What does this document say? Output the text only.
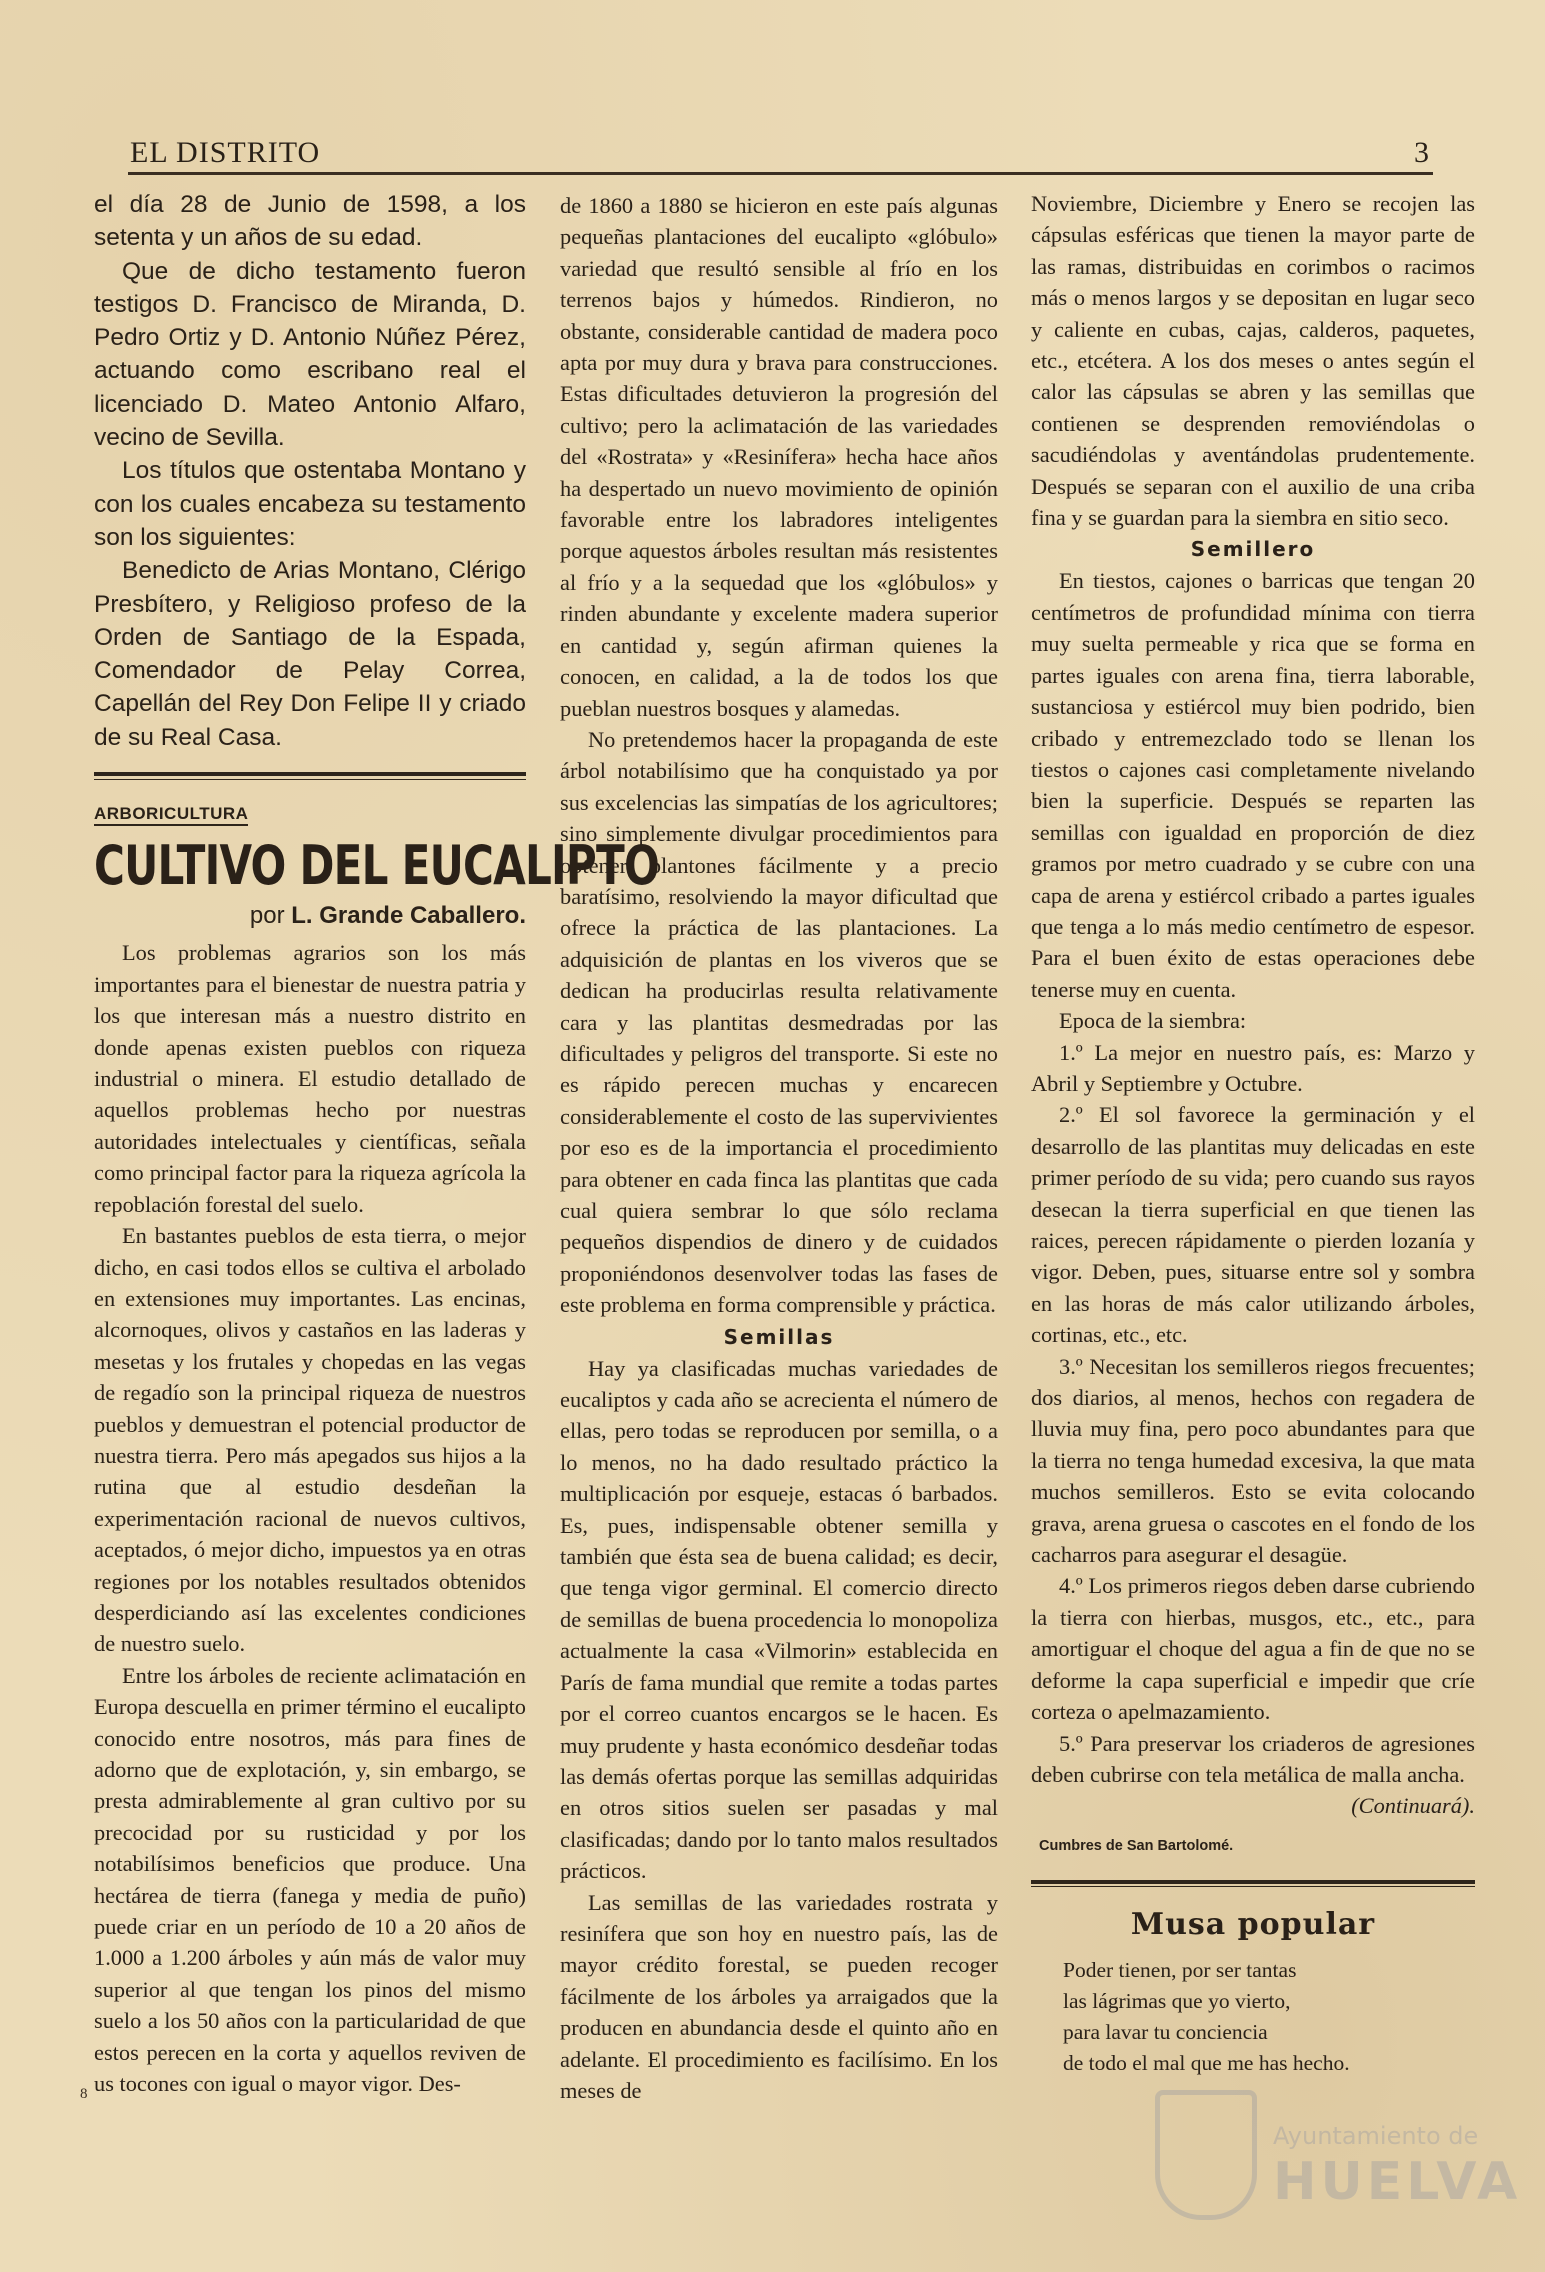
EL DISTRITO	3

el día 28 de Junio de 1598, a los setenta y un años de su edad.

Que de dicho testamento fueron testigos D. Francisco de Miranda, D. Pedro Ortiz y D. Antonio Núñez Pérez, actuando como escribano real el licenciado D. Mateo Antonio Alfaro, vecino de Sevilla.

Los títulos que ostentaba Montano y con los cuales encabeza su testamento son los siguientes:

Benedicto de Arias Montano, Clérigo Presbítero, y Religioso profeso de la Orden de Santiago de la Espada, Comendador de Pelay Correa, Capellán del Rey Don Felipe II y criado de su Real Casa.

ARBORICULTURA
CULTIVO DEL EUCALIPTO
por L. Grande Caballero.

Los problemas agrarios son los más importantes para el bienestar de nuestra patria y los que interesan más a nuestro distrito en donde apenas existen pueblos con riqueza industrial o minera. El estudio detallado de aquellos problemas hecho por nuestras autoridades intelectuales y científicas, señala como principal factor para la riqueza agrícola la repoblación forestal del suelo.

En bastantes pueblos de esta tierra, o mejor dicho, en casi todos ellos se cultiva el arbolado en extensiones muy importantes. Las encinas, alcornoques, olivos y castaños en las laderas y mesetas y los frutales y chopedas en las vegas de regadío son la principal riqueza de nuestros pueblos y demuestran el potencial productor de nuestra tierra. Pero más apegados sus hijos a la rutina que al estudio desdeñan la experimentación racional de nuevos cultivos, aceptados, ó mejor dicho, impuestos ya en otras regiones por los notables resultados obtenidos desperdiciando así las excelentes condiciones de nuestro suelo.

Entre los árboles de reciente aclimatación en Europa descuella en primer término el eucalipto conocido entre nosotros, más para fines de adorno que de explotación, y, sin embargo, se presta admirablemente al gran cultivo por su precocidad por su rusticidad y por los notabilísimos beneficios que produce. Una hectárea de tierra (fanega y media de puño) puede criar en un período de 10 a 20 años de 1.000 a 1.200 árboles y aún más de valor muy superior al que tengan los pinos del mismo suelo a los 50 años con la particularidad de que estos perecen en la corta y aquellos reviven de us tocones con igual o mayor vigor. Des-

de 1860 a 1880 se hicieron en este país algunas pequeñas plantaciones del eucalipto «glóbulo» variedad que resultó sensible al frío en los terrenos bajos y húmedos. Rindieron, no obstante, considerable cantidad de madera poco apta por muy dura y brava para construcciones. Estas dificultades detuvieron la progresión del cultivo; pero la aclimatación de las variedades del «Rostrata» y «Resinífera» hecha hace años ha despertado un nuevo movimiento de opinión favorable entre los labradores inteligentes porque aquestos árboles resultan más resistentes al frío y a la sequedad que los «glóbulos» y rinden abundante y excelente madera superior en cantidad y, según afirman quienes la conocen, en calidad, a la de todos los que pueblan nuestros bosques y alamedas.

No pretendemos hacer la propaganda de este árbol notabilísimo que ha conquistado ya por sus excelencias las simpatías de los agricultores; sino simplemente divulgar procedimientos para obtener plantones fácilmente y a precio baratísimo, resolviendo la mayor dificultad que ofrece la práctica de las plantaciones. La adquisición de plantas en los viveros que se dedican ha producirlas resulta relativamente cara y las plantitas desmedradas por las dificultades y peligros del transporte. Si este no es rápido perecen muchas y encarecen considerablemente el costo de las supervivientes por eso es de la importancia el procedimiento para obtener en cada finca las plantitas que cada cual quiera sembrar lo que sólo reclama pequeños dispendios de dinero y de cuidados proponiéndonos desenvolver todas las fases de este problema en forma comprensible y práctica.

Semillas

Hay ya clasificadas muchas variedades de eucaliptos y cada año se acrecienta el número de ellas, pero todas se reproducen por semilla, o a lo menos, no ha dado resultado práctico la multiplicación por esqueje, estacas ó barbados. Es, pues, indispensable obtener semilla y también que ésta sea de buena calidad; es decir, que tenga vigor germinal. El comercio directo de semillas de buena procedencia lo monopoliza actualmente la casa «Vilmorin» establecida en París de fama mundial que remite a todas partes por el correo cuantos encargos se le hacen. Es muy prudente y hasta económico desdeñar todas las demás ofertas porque las semillas adquiridas en otros sitios suelen ser pasadas y mal clasificadas; dando por lo tanto malos resultados prácticos.

Las semillas de las variedades rostrata y resinífera que son hoy en nuestro país, las de mayor crédito forestal, se pueden recoger fácilmente de los árboles ya arraigados que la producen en abundancia desde el quinto año en adelante. El procedimiento es facilísimo. En los meses de

Noviembre, Diciembre y Enero se recojen las cápsulas esféricas que tienen la mayor parte de las ramas, distribuidas en corimbos o racimos más o menos largos y se depositan en lugar seco y caliente en cubas, cajas, calderos, paquetes, etc., etcétera. A los dos meses o antes según el calor las cápsulas se abren y las semillas que contienen se desprenden removiéndolas o sacudiéndolas y aventándolas prudentemente. Después se separan con el auxilio de una criba fina y se guardan para la siembra en sitio seco.

Semillero

En tiestos, cajones o barricas que tengan 20 centímetros de profundidad mínima con tierra muy suelta permeable y rica que se forma en partes iguales con arena fina, tierra laborable, sustanciosa y estiércol muy bien podrido, bien cribado y entremezclado todo se llenan los tiestos o cajones casi completamente nivelando bien la superficie. Después se reparten las semillas con igualdad en proporción de diez gramos por metro cuadrado y se cubre con una capa de arena y estiércol cribado a partes iguales que tenga a lo más medio centímetro de espesor. Para el buen éxito de estas operaciones debe tenerse muy en cuenta.

Epoca de la siembra:

1.º La mejor en nuestro país, es: Marzo y Abril y Septiembre y Octubre.

2.º El sol favorece la germinación y el desarrollo de las plantitas muy delicadas en este primer período de su vida; pero cuando sus rayos desecan la tierra superficial en que tienen las raices, perecen rápidamente o pierden lozanía y vigor. Deben, pues, situarse entre sol y sombra en las horas de más calor utilizando árboles, cortinas, etc., etc.

3.º Necesitan los semilleros riegos frecuentes; dos diarios, al menos, hechos con regadera de lluvia muy fina, pero poco abundantes para que la tierra no tenga humedad excesiva, la que mata muchos semilleros. Esto se evita colocando grava, arena gruesa o cascotes en el fondo de los cacharros para asegurar el desagüe.

4.º Los primeros riegos deben darse cubriendo la tierra con hierbas, musgos, etc., etc., para amortiguar el choque del agua a fin de que no se deforme la capa superficial e impedir que críe corteza o apelmazamiento.

5.º Para preservar los criaderos de agresiones deben cubrirse con tela metálica de malla ancha.

(Continuará).

Cumbres de San Bartolomé.
Musa popular
Poder tienen, por ser tantas
las lágrimas que yo vierto,
para lavar tu conciencia
de todo el mal que me has hecho.
8
Ayuntamiento de
HUELVA
